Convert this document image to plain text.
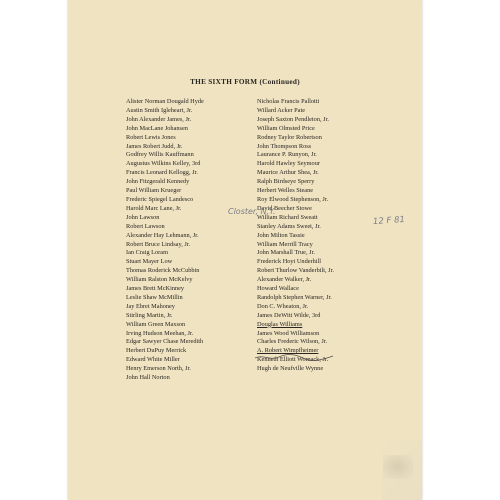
THE SIXTH FORM (Continued)
Alister Norman Dougald Hyde
Austin Smith Igleheart, Jr.
John Alexander James, Jr.
John MacLane Johansen
Robert Lewis Jones
James Robert Judd, Jr.
Godfrey Willis Kauffmann
Augustus Wilkins Kelley, 3rd
Francis Leonard Kellogg, Jr.
John Fitzgerald Kennedy
Paul William Krueger
Frederic Spiegel Landesco
Harold Marc Lane, Jr.
John Lawson
Robert Lawson
Alexander Hay Lehmann, Jr.
Robert Bruce Lindsay, Jr.
Ian Craig Loram
Stuart Mayer Low
Thomas Roderick McCubbin
William Ralston McKelvy
James Brett McKinney
Leslie Shaw McMillin
Jay Ebret Mahoney
Stirling Martin, Jr.
William Green Maxson
Irving Hudson Meehan, Jr.
Edgar Sawyer Chase Meredith
Herbert DuPuy Merrick
Edward White Miller
Henry Emerson North, Jr.
John Hall Norton
Nicholas Francis Pallotti
Willard Acker Pate
Joseph Saxton Pendleton, Jr.
William Olmsted Price
Rodney Taylor Robertson
John Thompson Ross
Laurance P. Runyon, Jr.
Harold Hawley Seymour
Maurice Arthur Shea, Jr.
Ralph Birdseye Sperry
Herbert Welles Steane
Roy Elwood Stephenson, Jr.
David Beecher Stowe
William Richard Sweatt
Stanley Adams Sweet, Jr.
John Milton Tassie
William Merrill Tracy
John Marshall True, Jr.
Frederick Hoyt Underhill
Robert Thurlow Vanderbilt, Jr.
Alexander Walker, Jr.
Howard Wallace
Randolph Stephen Warner, Jr.
Don C. Wheaton, Jr.
James DeWitt Wilde, 3rd
Douglas Williams
James Wood Williamson
Charles Frederic Wilson, Jr.
A. Robert Wimpfheimer
Kenneth Elliott Womack, Jr.
Hugh de Neufville Wynne
Closter, N.Y.
12 F 81
